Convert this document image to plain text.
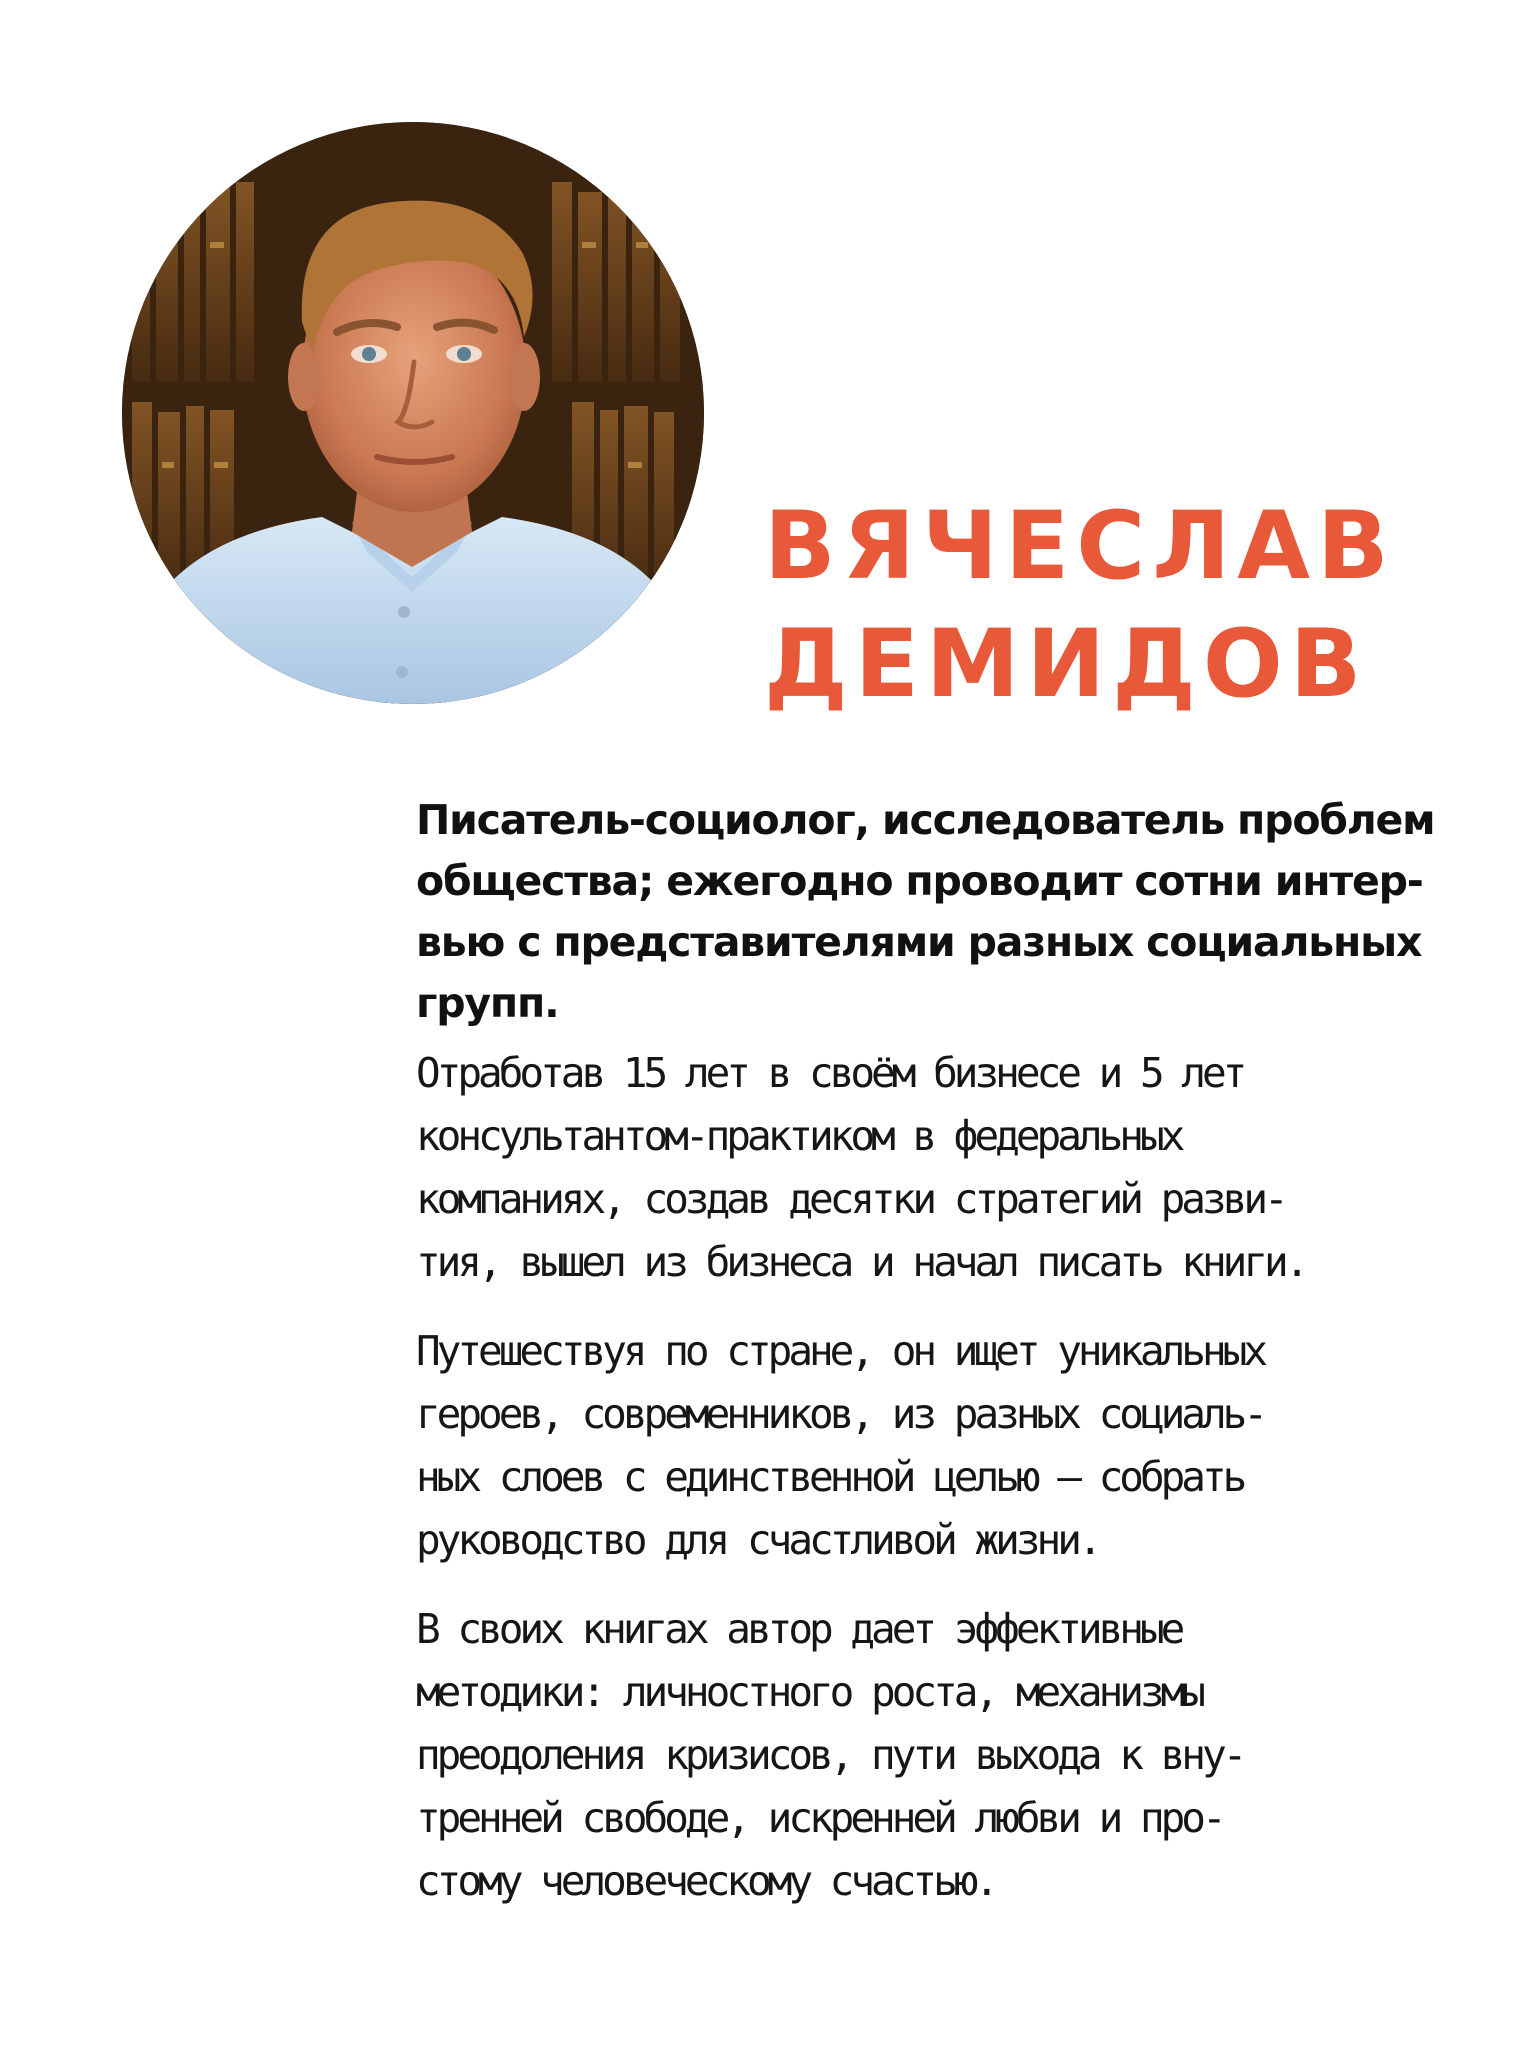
ВЯЧЕСЛАВ
ДЕМИДОВ

Писатель-социолог, исследователь проблем
общества; ежегодно проводит сотни интер-
вью с представителями разных социальных
групп.

Отработав 15 лет в своём бизнесе и 5 лет
консультантом-практиком в федеральных
компаниях, создав десятки стратегий разви-
тия, вышел из бизнеса и начал писать книги.

Путешествуя по стране, он ищет уникальных
героев, современников, из разных социаль-
ных слоев с единственной целью — собрать
руководство для счастливой жизни.

В своих книгах автор дает эффективные
методики: личностного роста, механизмы
преодоления кризисов, пути выхода к вну-
тренней свободе, искренней любви и про-
стому человеческому счастью.
